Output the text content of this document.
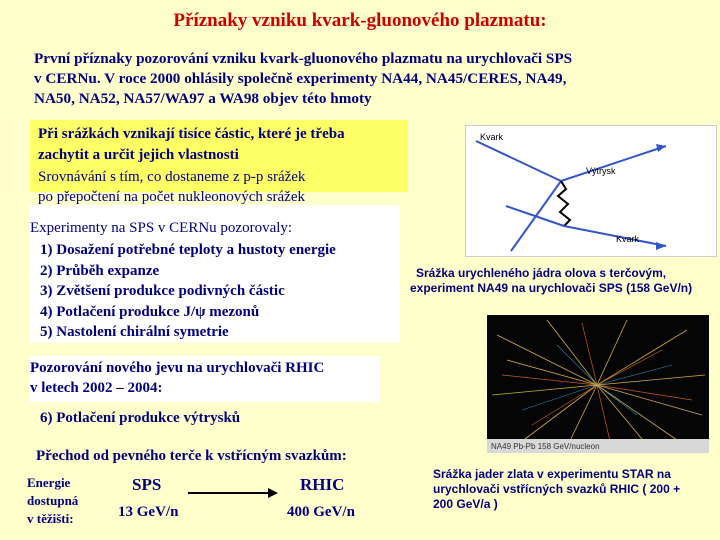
Příznaky vzniku kvark-gluonového plazmatu:
První příznaky pozorování vzniku kvark-gluonového plazmatu na urychlovači SPS
v CERNu. V roce 2000 ohlásily společně experimenty NA44, NA45/CERES, NA49,
NA50, NA52, NA57/WA97 a WA98 objev této hmoty
Při srážkách vznikají tisíce částic, které je třeba
zachytit a určit jejich vlastnosti
Srovnávání s tím, co dostaneme z p-p srážek
po přepočtení na počet nukleonových srážek
Experimenty na SPS v CERNu pozorovaly:
1) Dosažení potřebné teploty a hustoty energie
2) Průběh expanze
3) Zvětšení produkce podivných částic
4) Potlačení produkce J/ψ mezonů
5) Nastolení chirální symetrie
Pozorování nového jevu na urychlovači RHIC
v letech 2002 – 2004:
6) Potlačení produkce výtrysků
Přechod od pevného terče k vstřícným svazkům:
Energie
dostupná
v těžišti:
SPS
13 GeV/n
RHIC
400 GeV/n
Kvark
Výtrysk
Kvark
Srážka urychleného jádra olova s terčovým,
experiment NA49 na urychlovači SPS (158 GeV/n)
NA49 Pb-Pb 158 GeV/nucleon
Srážka jader zlata v experimentu STAR na
urychlovači vstřícných svazků RHIC ( 200 +
200 GeV/a )
